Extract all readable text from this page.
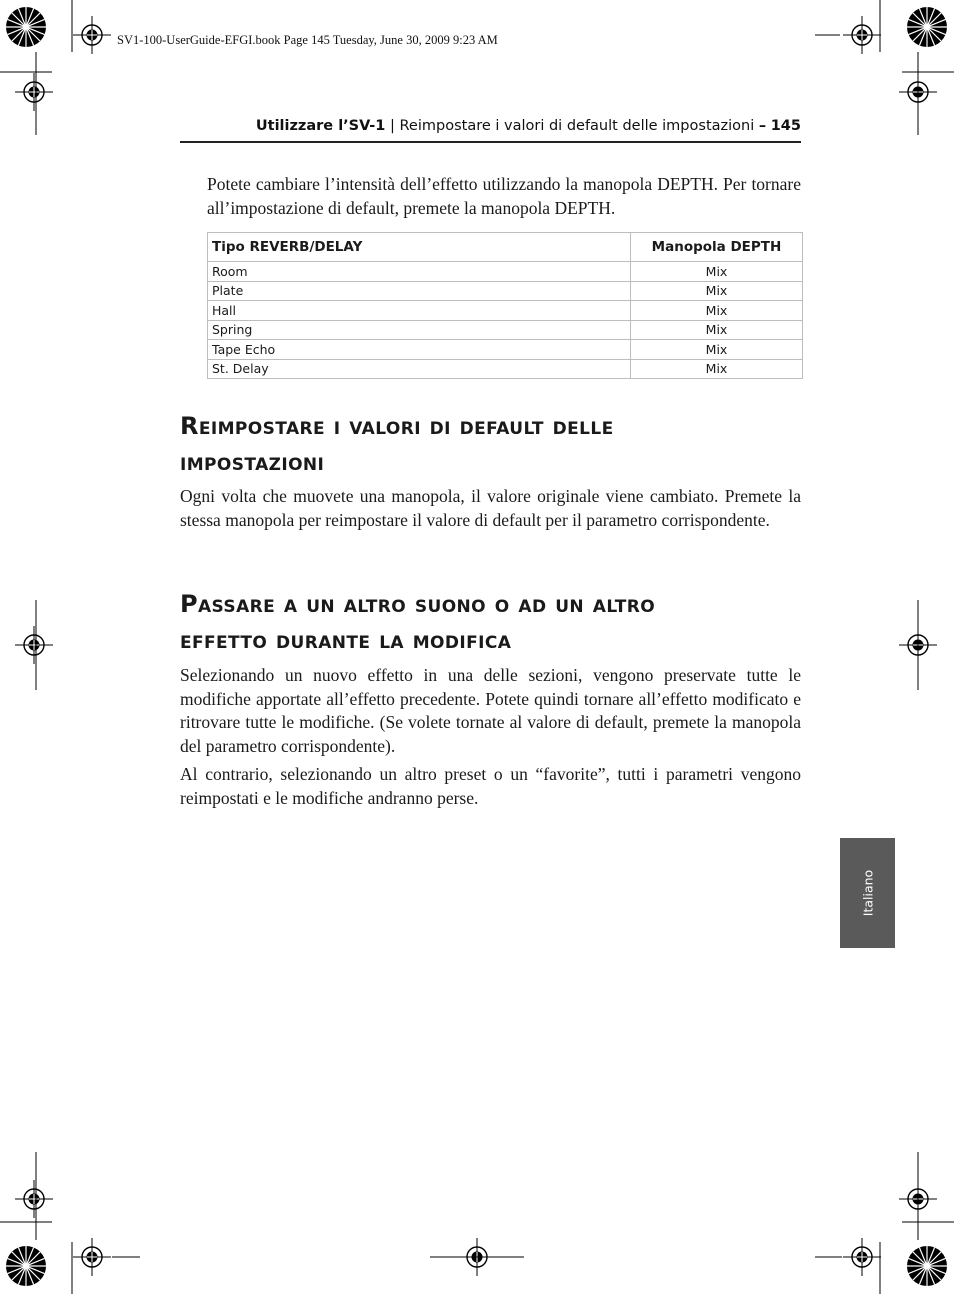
SV1-100-UserGuide-EFGI.book Page 145 Tuesday, June 30, 2009 9:23 AM
Utilizzare l’SV-1 | Reimpostare i valori di default delle impostazioni – 145

Potete cambiare l’intensità dell’effetto utilizzando la manopola DEPTH. Per tornare all’impostazione di default, premete la manopola DEPTH.

Tipo REVERB/DELAY	Manopola DEPTH
Room	Mix
Plate	Mix
Hall	Mix
Spring	Mix
Tape Echo	Mix
St. Delay	Mix
Reimpostare i valori di default delle
impostazioni

Ogni volta che muovete una manopola, il valore originale viene cambiato. Premete la stessa manopola per reimpostare il valore di default per il parametro corrispondente.

Passare a un altro suono o ad un altro
effetto durante la modifica

Selezionando un nuovo effetto in una delle sezioni, vengono preservate tutte le modifiche apportate all’effetto precedente. Potete quindi tornare all’effetto modificato e ritrovare tutte le modifiche. (Se volete tornate al valore di default, premete la manopola del parametro corrispondente).

Al contrario, selezionando un altro preset o un “favorite”, tutti i parametri vengono reimpostati e le modifiche andranno perse.

Italiano
